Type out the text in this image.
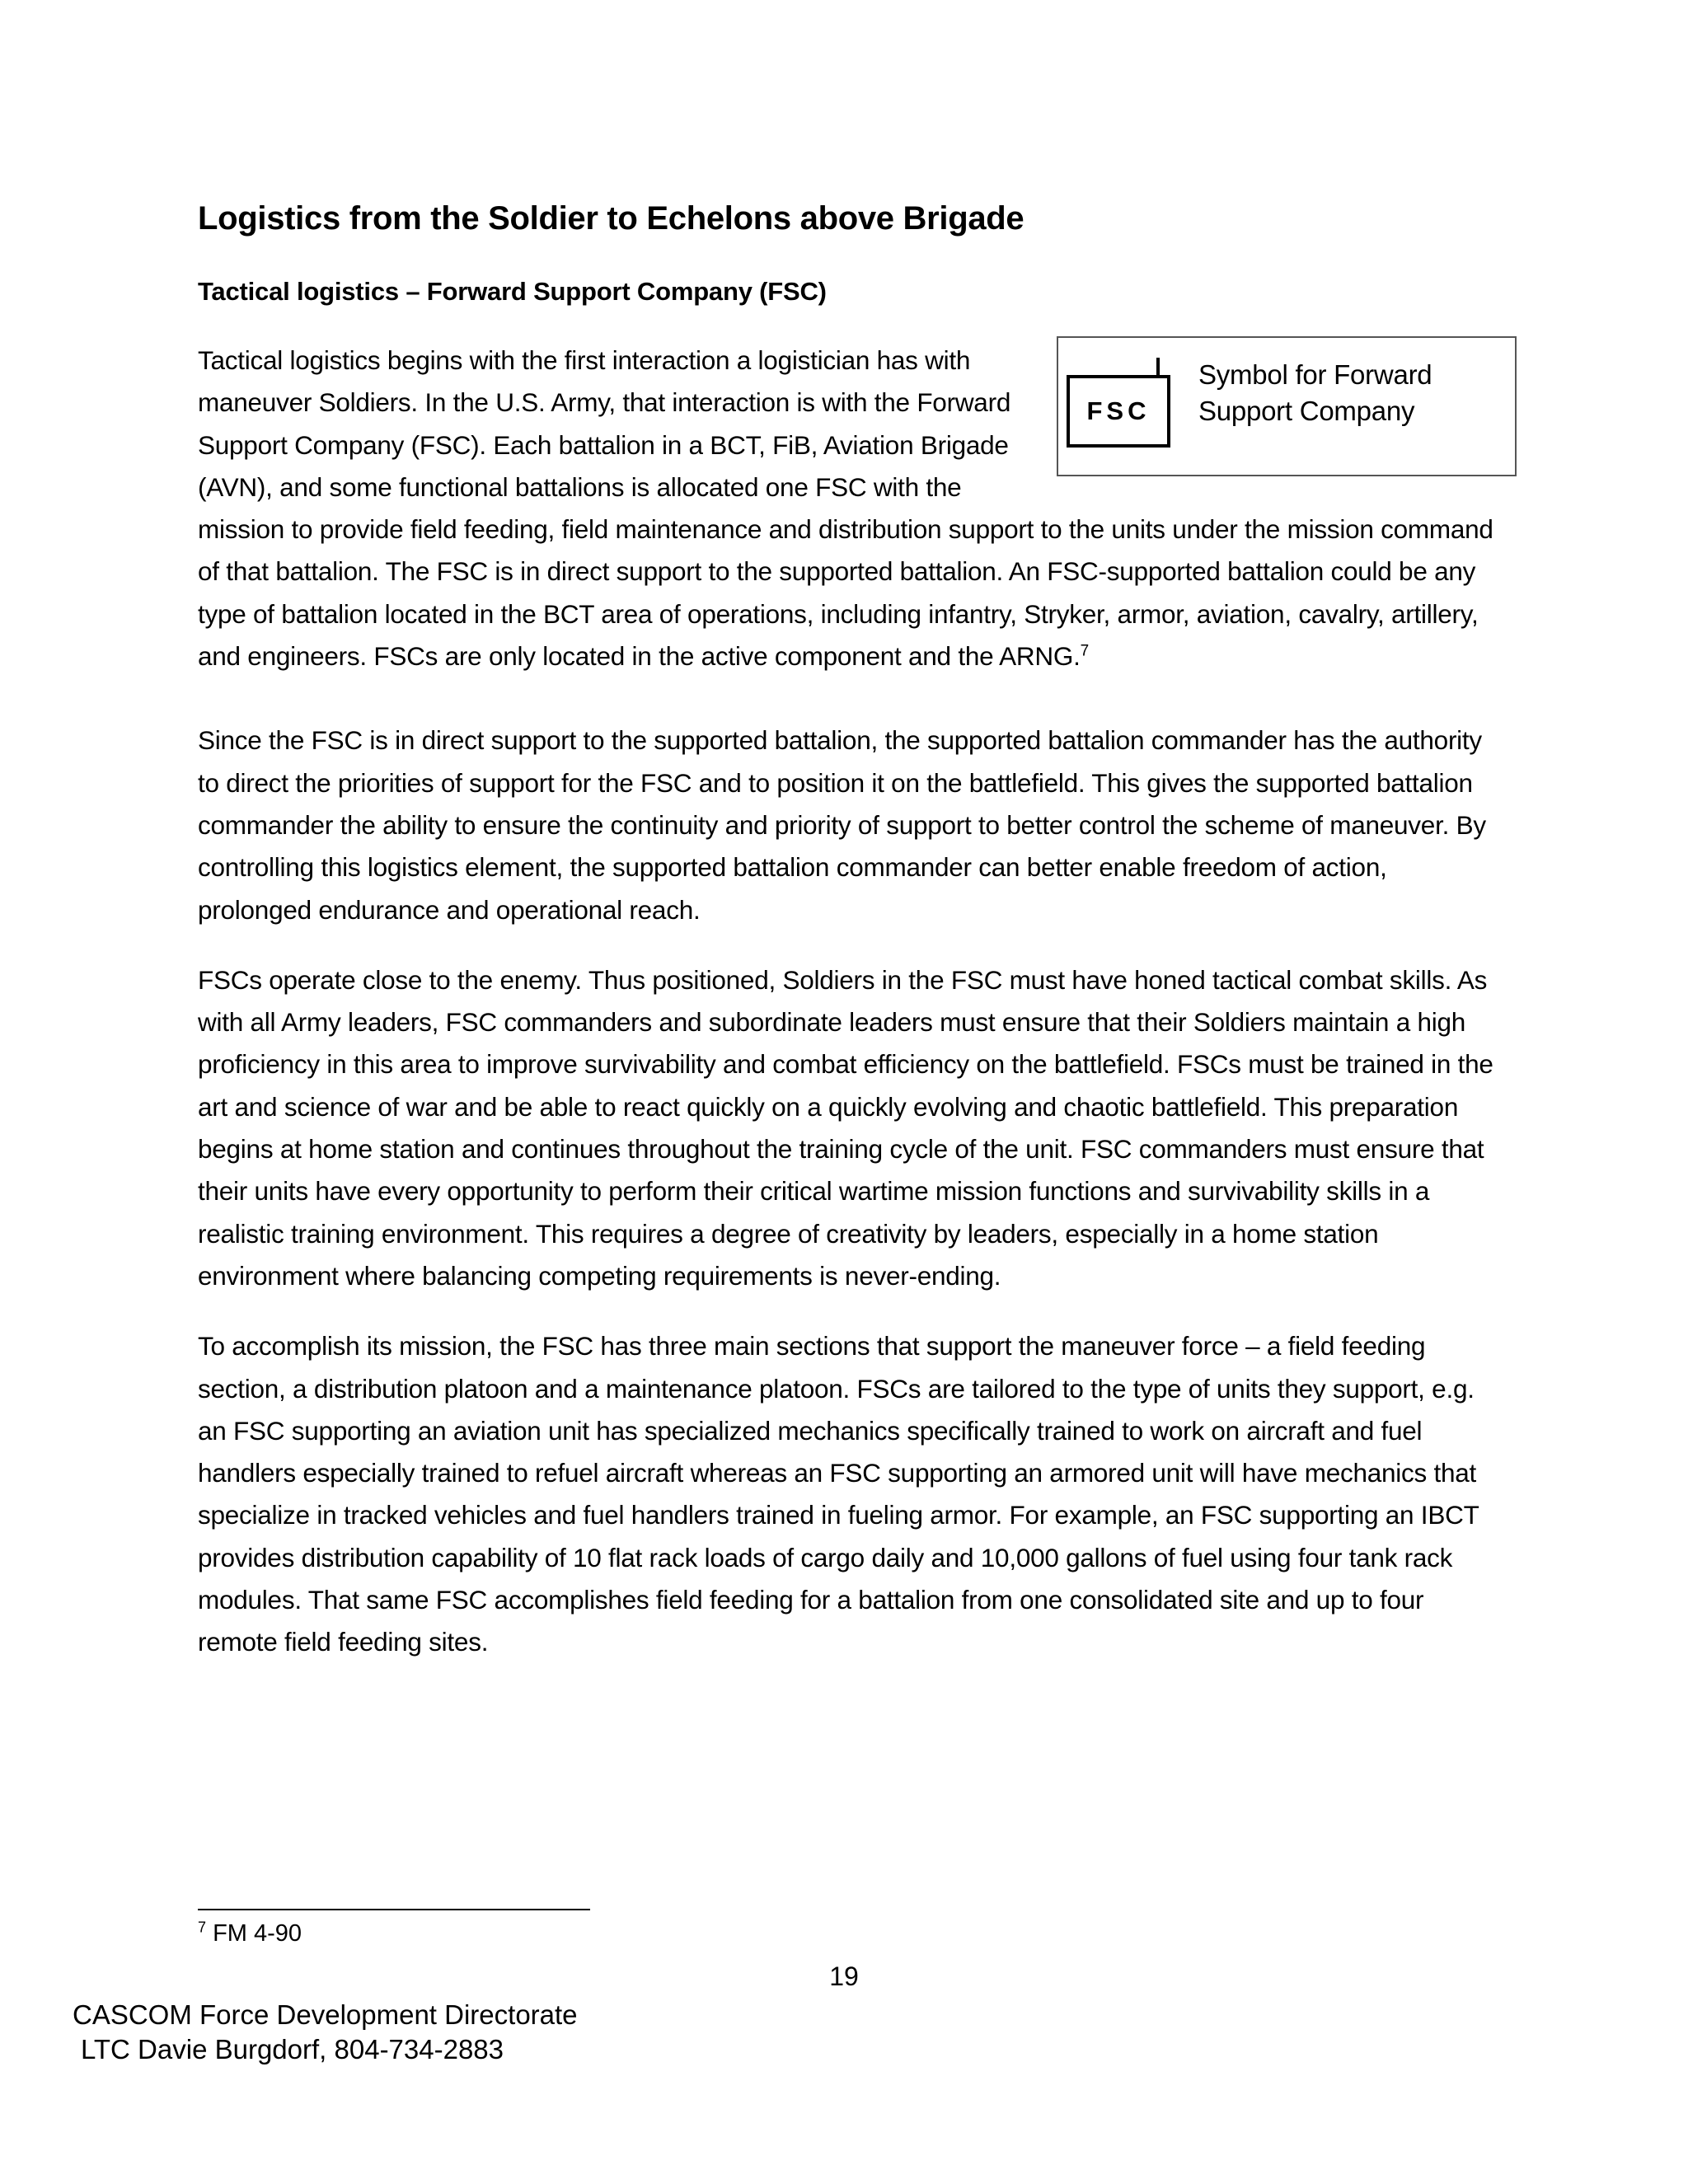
Logistics from the Soldier to Echelons above Brigade
Tactical logistics – Forward Support Company (FSC)

FSC
Symbol for Forward Support Company
Tactical logistics begins with the first interaction a logistician has with maneuver Soldiers. In the U.S. Army, that interaction is with the Forward Support Company (FSC). Each battalion in a BCT, FiB, Aviation Brigade (AVN), and some functional battalions is allocated one FSC with the mission to provide field feeding, field maintenance and distribution support to the units under the mission command of that battalion. The FSC is in direct support to the supported battalion. An FSC-supported battalion could be any type of battalion located in the BCT area of operations, including infantry, Stryker, armor, aviation, cavalry, artillery, and engineers. FSCs are only located in the active component and the ARNG.$^7$

Since the FSC is in direct support to the supported battalion, the supported battalion commander has the authority to direct the priorities of support for the FSC and to position it on the battlefield. This gives the supported battalion commander the ability to ensure the continuity and priority of support to better control the scheme of maneuver. By controlling this logistics element, the supported battalion commander can better enable freedom of action, prolonged endurance and operational reach.

FSCs operate close to the enemy. Thus positioned, Soldiers in the FSC must have honed tactical combat skills. As with all Army leaders, FSC commanders and subordinate leaders must ensure that their Soldiers maintain a high proficiency in this area to improve survivability and combat efficiency on the battlefield. FSCs must be trained in the art and science of war and be able to react quickly on a quickly evolving and chaotic battlefield. This preparation begins at home station and continues throughout the training cycle of the unit. FSC commanders must ensure that their units have every opportunity to perform their critical wartime mission functions and survivability skills in a realistic training environment. This requires a degree of creativity by leaders, especially in a home station environment where balancing competing requirements is never-ending.

To accomplish its mission, the FSC has three main sections that support the maneuver force – a field feeding section, a distribution platoon and a maintenance platoon. FSCs are tailored to the type of units they support, e.g. an FSC supporting an aviation unit has specialized mechanics specifically trained to work on aircraft and fuel handlers especially trained to refuel aircraft whereas an FSC supporting an armored unit will have mechanics that specialize in tracked vehicles and fuel handlers trained in fueling armor. For example, an FSC supporting an IBCT provides distribution capability of 10 flat rack loads of cargo daily and 10,000 gallons of fuel using four tank rack modules. That same FSC accomplishes field feeding for a battalion from one consolidated site and up to four remote field feeding sites.

$^7$ FM 4-90
19
CASCOM Force Development Directorate
LTC Davie Burgdorf, 804-734-2883
